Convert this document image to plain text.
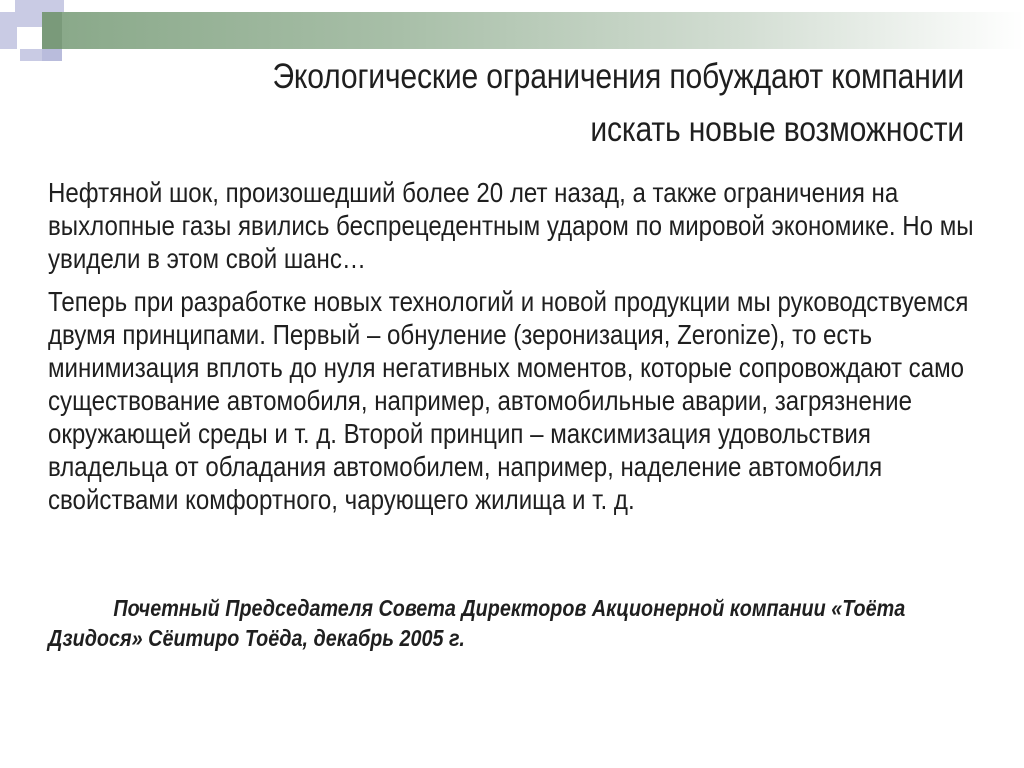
Экологические ограничения побуждают компании
искать новые возможности

Нефтяной шок, произошедший более 20 лет назад, а также ограничения на выхлопные газы явились беспрецедентным ударом по мировой экономике. Но мы увидели в этом свой шанс…

Теперь при разработке новых технологий и новой продукции мы руководствуемся двумя принципами. Первый – обнуление (зеронизация, Zeronize), то есть минимизация вплоть до нуля негативных моментов, которые сопровождают само существование автомобиля, например, автомобильные аварии, загрязнение окружающей среды и т. д. Второй принцип – максимизация удовольствия владельца от обладания автомобилем, например, наделение автомобиля свойствами комфортного, чарующего жилища и т. д.

Почетный Председателя Совета Директоров Акционерной компании «Тоёта Дзидося» Сёитиро Тоёда, декабрь 2005 г.
